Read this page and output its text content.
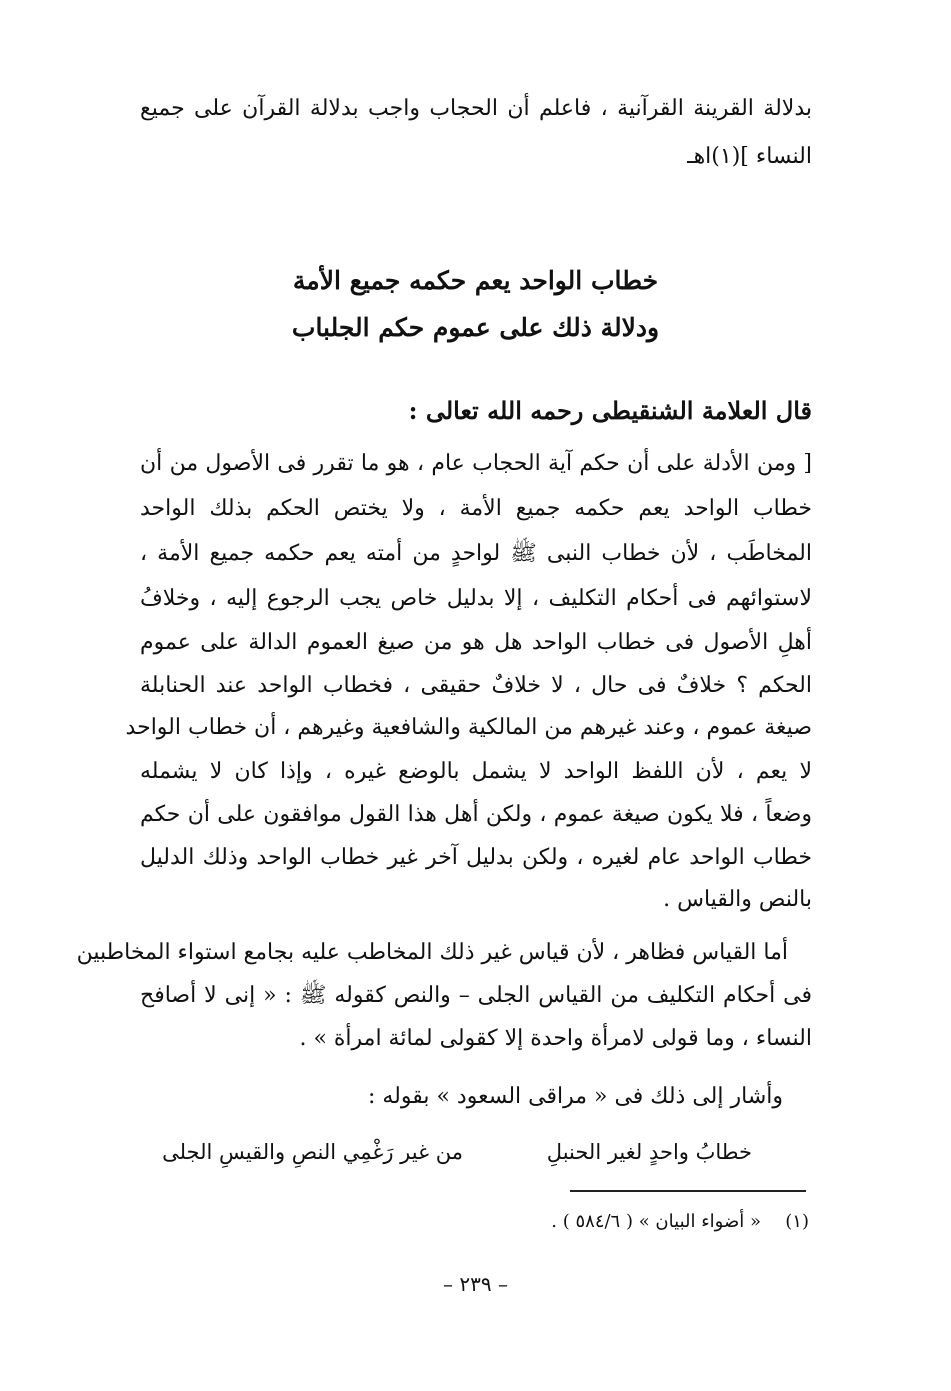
بدلالة القرينة القرآنية ، فاعلم أن الحجاب واجب بدلالة القرآن على جميع
النساء ](١)اهـ
خطاب الواحد يعم حكمه جميع الأمة
ودلالة ذلك على عموم حكم الجلباب
قال العلامة الشنقيطى رحمه الله تعالى :
[ ومن الأدلة على أن حكم آية الحجاب عام ، هو ما تقرر فى الأصول من أن
خطاب الواحد يعم حكمه جميع الأمة ، ولا يختص الحكم بذلك الواحد
المخاطَب ، لأن خطاب النبى ﷺ لواحدٍ من أمته يعم حكمه جميع الأمة ،
لاستوائهم فى أحكام التكليف ، إلا بدليل خاص يجب الرجوع إليه ، وخلافُ
أهلِ الأصول فى خطاب الواحد هل هو من صيغ العموم الدالة على عموم
الحكم ؟ خلافٌ فى حال ، لا خلافٌ حقيقى ، فخطاب الواحد عند الحنابلة
صيغة عموم ، وعند غيرهم من المالكية والشافعية وغيرهم ، أن خطاب الواحد
لا يعم ، لأن اللفظ الواحد لا يشمل بالوضع غيره ، وإذا كان لا يشمله
وضعاً ، فلا يكون صيغة عموم ، ولكن أهل هذا القول موافقون على أن حكم
خطاب الواحد عام لغيره ، ولكن بدليل آخر غير خطاب الواحد وذلك الدليل
بالنص والقياس .
أما القياس فظاهر ، لأن قياس غير ذلك المخاطب عليه بجامع استواء المخاطبين
فى أحكام التكليف من القياس الجلى – والنص كقوله ﷺ : « إنى لا أصافح
النساء ، وما قولى لامرأة واحدة إلا كقولى لمائة امرأة » .
وأشار إلى ذلك فى « مراقى السعود » بقوله :
خطابُ واحدٍ لغير الحنبلِ
من غير رَغْمِي النصِ والقيسِ الجلى
(١)
« أضواء البيان » ( ٥٨٤/٦ ) .
– ٢٣٩ –
